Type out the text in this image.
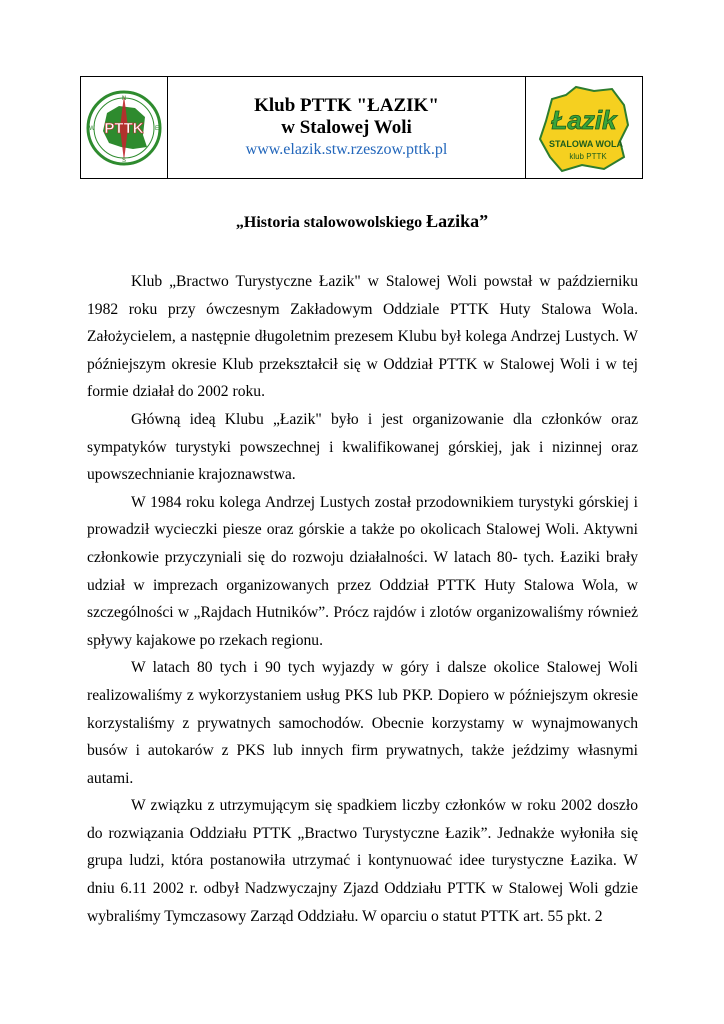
PTTK
N
E
S
W
Klub PTTK "ŁAZIK"
w Stalowej Woli
www.elazik.stw.rzeszow.pttk.pl
Łazik
STALOWA WOLA
klub PTTK
„Historia stalowowolskiego Łazika”

Klub „Bractwo Turystyczne Łazik" w Stalowej Woli powstał w październiku 1982 roku przy ówczesnym Zakładowym Oddziale PTTK Huty Stalowa Wola. Założycielem, a następnie długoletnim prezesem Klubu był kolega Andrzej Lustych. W późniejszym okresie Klub przekształcił się w Oddział PTTK w Stalowej Woli i w tej formie działał do 2002 roku.

Główną ideą Klubu „Łazik" było i jest organizowanie dla członków oraz sympatyków turystyki powszechnej i kwalifikowanej górskiej, jak i nizinnej oraz upowszechnianie krajoznawstwa.

W 1984 roku kolega Andrzej Lustych został przodownikiem turystyki górskiej i prowadził wycieczki piesze oraz górskie a także po okolicach Stalowej Woli. Aktywni członkowie przyczyniali się do rozwoju działalności. W latach 80- tych. Łaziki brały udział w imprezach organizowanych przez Oddział PTTK Huty Stalowa Wola, w szczególności w „Rajdach Hutników”. Prócz rajdów i zlotów organizowaliśmy również spływy kajakowe po rzekach regionu.

W latach 80 tych i 90 tych wyjazdy w góry i dalsze okolice Stalowej Woli realizowaliśmy z wykorzystaniem usług PKS lub PKP. Dopiero w późniejszym okresie korzystaliśmy z prywatnych samochodów. Obecnie korzystamy w wynajmowanych busów i autokarów z PKS lub innych firm prywatnych, także jeździmy własnymi autami.

W związku z utrzymującym się spadkiem liczby członków w roku 2002 doszło do rozwiązania Oddziału PTTK „Bractwo Turystyczne Łazik”. Jednakże wyłoniła się grupa ludzi, która postanowiła utrzymać i kontynuować idee turystyczne Łazika. W dniu 6.11 2002 r. odbył Nadzwyczajny Zjazd Oddziału PTTK w Stalowej Woli gdzie wybraliśmy Tymczasowy Zarząd Oddziału. W oparciu o statut PTTK art. 55 pkt. 2
